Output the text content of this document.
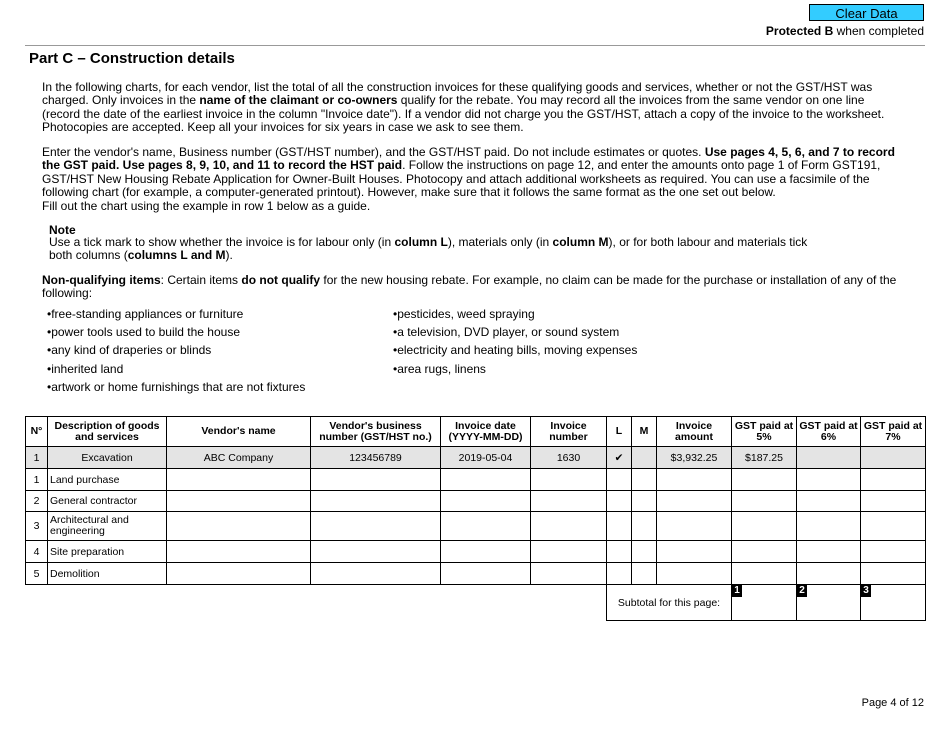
Clear Data
Protected B when completed
Part C – Construction details
In the following charts, for each vendor, list the total of all the construction invoices for these qualifying goods and services, whether or not the GST/HST was charged. Only invoices in the name of the claimant or co-owners qualify for the rebate. You may record all the invoices from the same vendor on one line (record the date of the earliest invoice in the column "Invoice date"). If a vendor did not charge you the GST/HST, attach a copy of the invoice to the worksheet. Photocopies are accepted. Keep all your invoices for six years in case we ask to see them.
Enter the vendor's name, Business number (GST/HST number), and the GST/HST paid. Do not include estimates or quotes. Use pages 4, 5, 6, and 7 to record the GST paid. Use pages 8, 9, 10, and 11 to record the HST paid. Follow the instructions on page 12, and enter the amounts onto page 1 of Form GST191, GST/HST New Housing Rebate Application for Owner-Built Houses. Photocopy and attach additional worksheets as required. You can use a facsimile of the following chart (for example, a computer-generated printout). However, make sure that it follows the same format as the one set out below.
Fill out the chart using the example in row 1 below as a guide.
Note
Use a tick mark to show whether the invoice is for labour only (in column L), materials only (in column M), or for both labour and materials tick both columns (columns L and M).
Non-qualifying items: Certain items do not qualify for the new housing rebate. For example, no claim can be made for the purchase or installation of any of the following:
• free-standing appliances or furniture
• power tools used to build the house
• any kind of draperies or blinds
• inherited land
• artwork or home furnishings that are not fixtures
• pesticides, weed spraying
• a television, DVD player, or sound system
• electricity and heating bills, moving expenses
• area rugs, linens
N°	Description of goods and services	Vendor's name	Vendor's business number (GST/HST no.)	Invoice date (YYYY-MM-DD)	Invoice number	L	M	Invoice amount	GST paid at 5%	GST paid at 6%	GST paid at 7%
1	Excavation	ABC Company	123456789	2019-05-04	1630	✔		$3,932.25	$187.25		
1	Land purchase										
2	General contractor										
3	Architectural and engineering										
4	Site preparation										
5	Demolition										
						Subtotal for this page:			1	2	3
Page 4 of 12
